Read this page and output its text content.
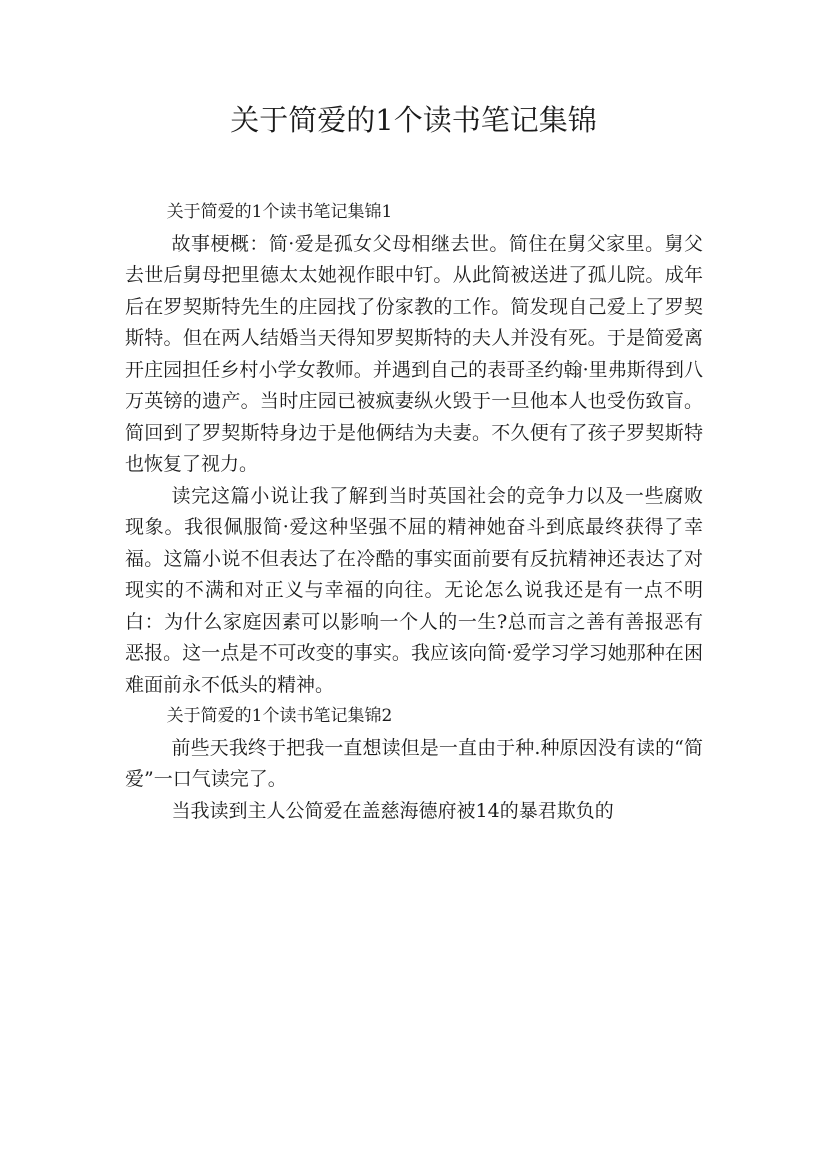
关于简爱的1个读书笔记集锦

关于简爱的1个读书笔记集锦1

故事梗概：简·爱是孤女父母相继去世。简住在舅父家里。舅父去世后舅母把里德太太她视作眼中钉。从此简被送进了孤儿院。成年后在罗契斯特先生的庄园找了份家教的工作。简发现自己爱上了罗契斯特。但在两人结婚当天得知罗契斯特的夫人并没有死。于是简爱离开庄园担任乡村小学女教师。并遇到自己的表哥圣约翰·里弗斯得到八万英镑的遗产。当时庄园已被疯妻纵火毁于一旦他本人也受伤致盲。简回到了罗契斯特身边于是他俩结为夫妻。不久便有了孩子罗契斯特也恢复了视力。

读完这篇小说让我了解到当时英国社会的竞争力以及一些腐败现象。我很佩服简·爱这种坚强不屈的精神她奋斗到底最终获得了幸福。这篇小说不但表达了在冷酷的事实面前要有反抗精神还表达了对现实的不满和对正义与幸福的向往。无论怎么说我还是有一点不明白：为什么家庭因素可以影响一个人的一生?总而言之善有善报恶有恶报。这一点是不可改变的事实。我应该向简·爱学习学习她那种在困难面前永不低头的精神。

关于简爱的1个读书笔记集锦2

前些天我终于把我一直想读但是一直由于种.种原因没有读的“简爱”一口气读完了。

当我读到主人公简爱在盖慈海德府被14的暴君欺负的
